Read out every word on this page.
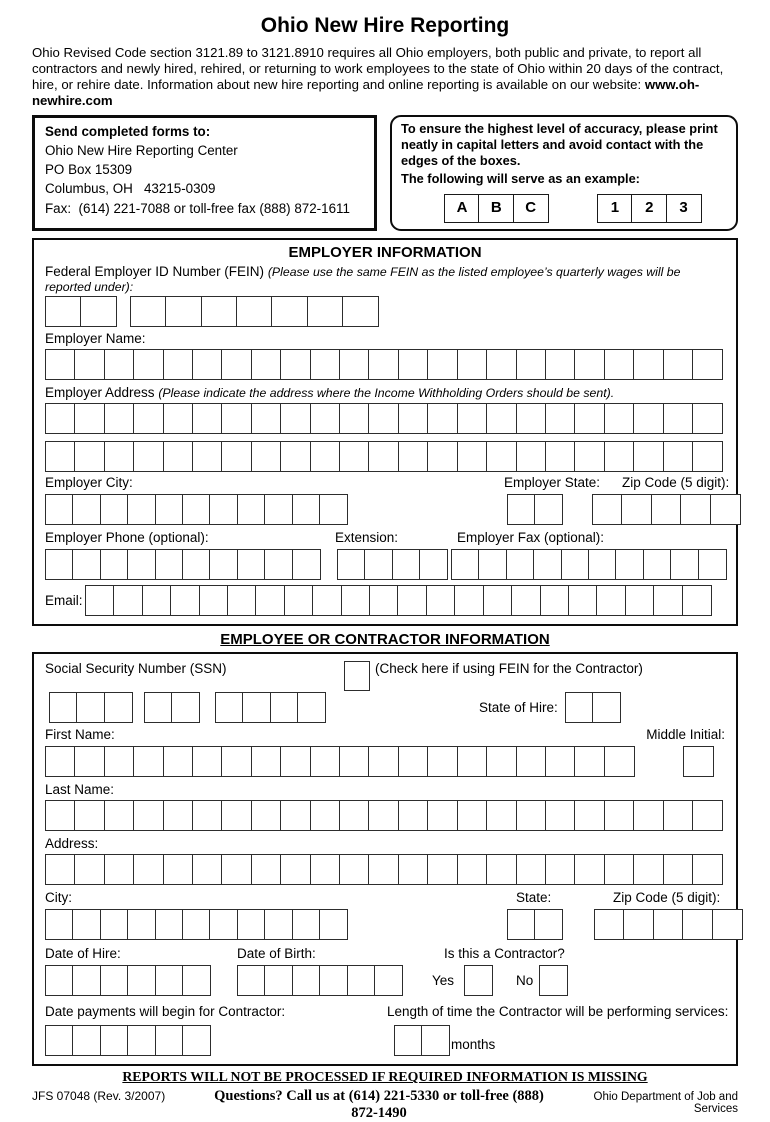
Ohio New Hire Reporting
Ohio Revised Code section 3121.89 to 3121.8910 requires all Ohio employers, both public and private, to report all contractors and newly hired, rehired, or returning to work employees to the state of Ohio within 20 days of the contract, hire, or rehire date. Information about new hire reporting and online reporting is available on our website: www.oh-newhire.com
Send completed forms to:
Ohio New Hire Reporting Center
PO Box 15309
Columbus, OH   43215-0309
Fax:  (614) 221-7088 or toll-free fax (888) 872-1611
To ensure the highest level of accuracy, please print neatly in capital letters and avoid contact with the edges of the boxes.
The following will serve as an example:
A	B	C	1	2	3
EMPLOYER INFORMATION
Federal Employer ID Number (FEIN) (Please use the same FEIN as the listed employee’s quarterly wages will be reported under):
Employer Name:
Employer Address (Please indicate the address where the Income Withholding Orders should be sent).
Employer City:	Employer State: Zip Code (5 digit):
Employer Phone (optional):	Extension:	Employer Fax (optional):
Email:
EMPLOYEE OR CONTRACTOR INFORMATION
Social Security Number (SSN)	(Check here if using FEIN for the Contractor)
State of Hire:
First Name:	Middle Initial:
Last Name:
Address:
City:	State:	Zip Code (5 digit):
Date of Hire:	Date of Birth:	Is this a Contractor?
Yes	No
Date payments will begin for Contractor:	Length of time the Contractor will be performing services:
months
REPORTS WILL NOT BE PROCESSED IF REQUIRED INFORMATION IS MISSING
JFS 07048 (Rev. 3/2007)	Questions? Call us at (614) 221-5330 or toll-free (888) 872-1490
Ohio Department of Job and Services
